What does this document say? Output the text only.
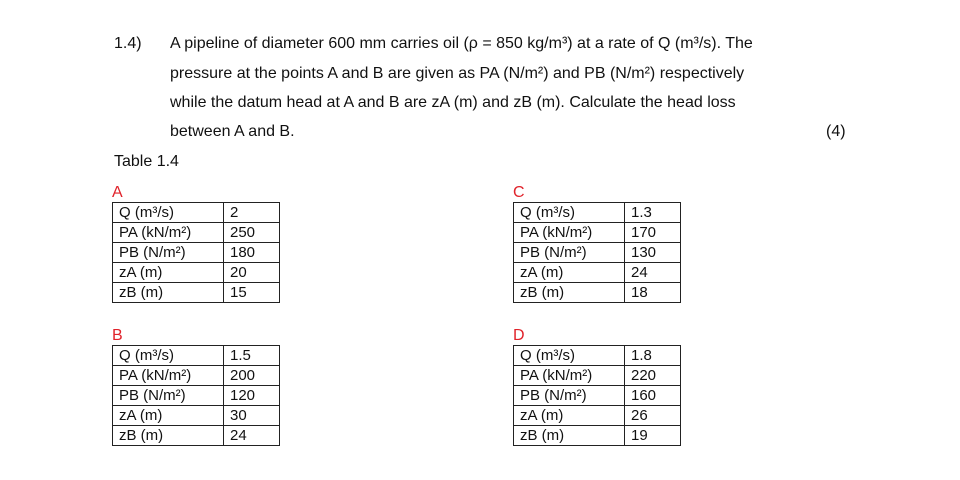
1.4) A pipeline of diameter 600 mm carries oil (ρ = 850 kg/m³) at a rate of Q (m³/s). The
pressure at the points A and B are given as PA (N/m²) and PB (N/m²) respectively
while the datum head at A and B are zA (m) and zB (m). Calculate the head loss
between A and B.	(4)
Table 1.4
A
Q (m³/s)	2
PA (kN/m²)	250
PB (N/m²)	180
zA (m)	20
zB (m)	15
B
Q (m³/s)	1.5
PA (kN/m²)	200
PB (N/m²)	120
zA (m)	30
zB (m)	24
C
Q (m³/s)	1.3
PA (kN/m²)	170
PB (N/m²)	130
zA (m)	24
zB (m)	18
D
Q (m³/s)	1.8
PA (kN/m²)	220
PB (N/m²)	160
zA (m)	26
zB (m)	19
